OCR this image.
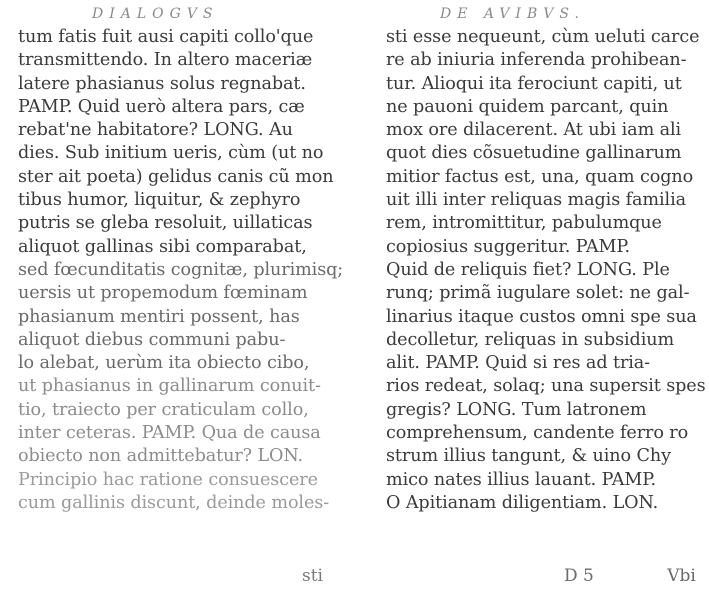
DIALOGVS
tum fatis fuit ausi capiti collo'que
transmittendo. In altero maceriæ
latere phasianus solus regnabat.
PAMP. Quid uerò altera pars, cæ
rebat'ne habitatore? LONG. Au
dies. Sub initium ueris, cùm (ut no
ster ait poeta) gelidus canis cũ mon
tibus humor, liquitur, & zephyro
putris se gleba resoluit, uillaticas
aliquot gallinas sibi comparabat,
sed fœcunditatis cognitæ, plurimisq;
uersis ut propemodum fœminam
phasianum mentiri possent, has
aliquot diebus communi pabu-
lo alebat, uerùm ita obiecto cibo,
ut phasianus in gallinarum conuit-
tio, traiecto per craticulam collo,
inter ceteras. PAMP. Qua de causa
obiecto non admittebatur? LON.
Principio hac ratione consuescere
cum gallinis discunt, deinde moles-
sti
DE AVIBVS.
sti esse nequeunt, cùm ueluti carce
re ab iniuria inferenda prohibean-
tur. Alioqui ita ferociunt capiti, ut
ne pauoni quidem parcant, quin
mox ore dilacerent. At ubi iam ali
quot dies cõsuetudine gallinarum
mitior factus est, una, quam cogno
uit illi inter reliquas magis familia
rem, intromittitur, pabulumque
copiosius suggeritur. PAMP.
Quid de reliquis fiet? LONG. Ple
runq; primã iugulare solet: ne gal-
linarius itaque custos omni spe sua
decolletur, reliquas in subsidium
alit. PAMP. Quid si res ad tria-
rios redeat, solaq; una supersit spes
gregis? LONG. Tum latronem
comprehensum, candente ferro ro
strum illius tangunt, & uino Chy
mico nates illius lauant. PAMP.
O Apitianam diligentiam. LON.
D 5	Vbi
